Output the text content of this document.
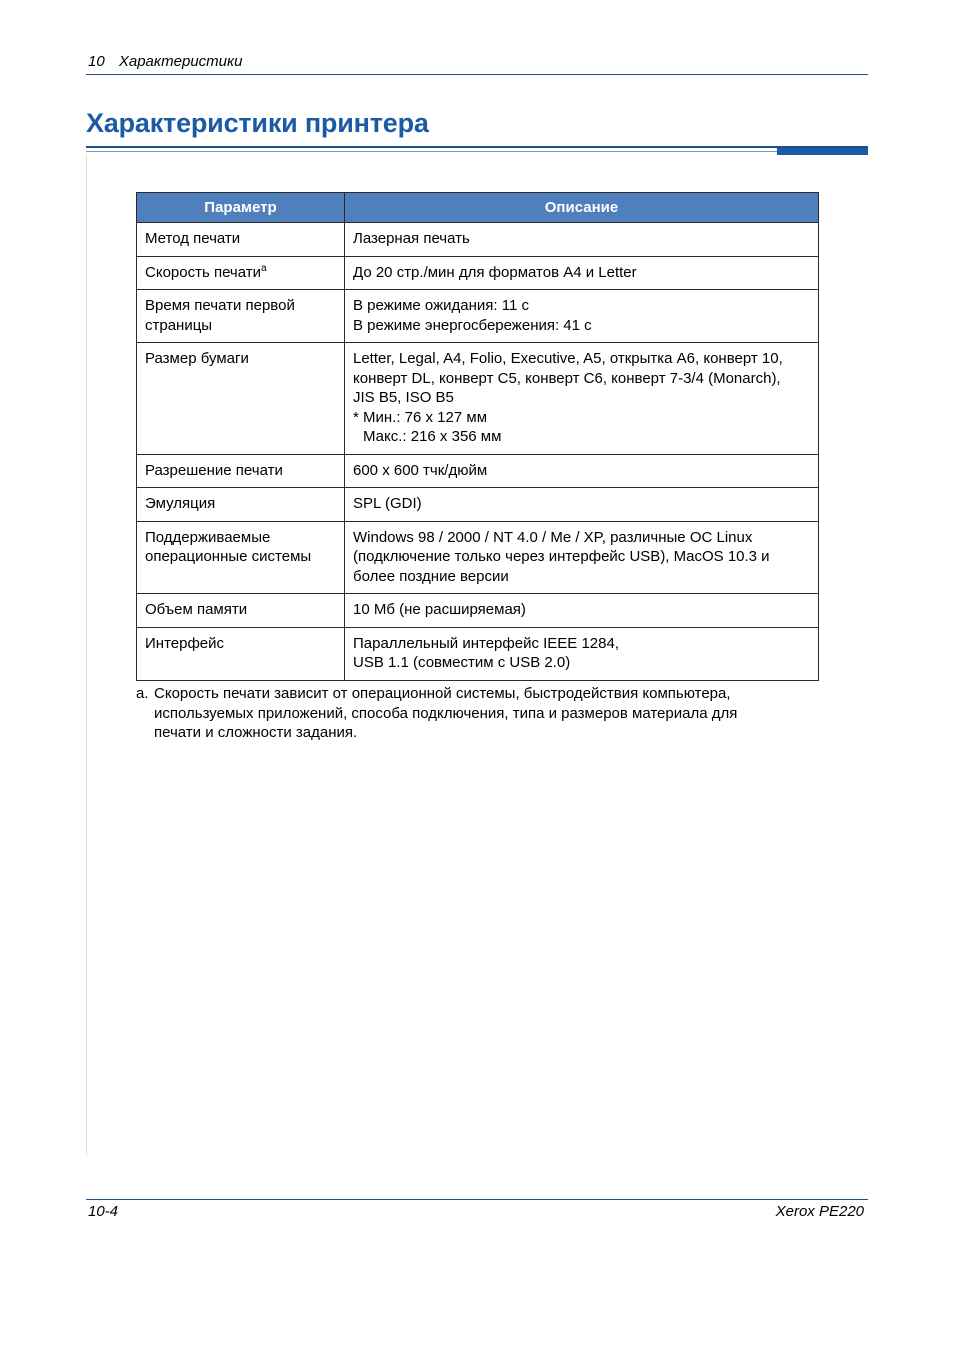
10 Характеристики
Характеристики принтера
Параметр	Описание

Метод печати	Лазерная печать

Скорость печати$^a$	До 20 стр./мин для форматов A4 и Letter

Время печати первой
страницы	В режиме ожидания: 11 с
В режиме энергосбережения: 41 с

Размер бумаги	Letter, Legal, A4, Folio, Executive, A5, открытка A6, конверт 10,
конверт DL, конверт C5, конверт C6, конверт 7-3/4 (Monarch),
JIS B5, ISO B5
* Мин.: 76 x 127 мм
Макс.: 216 x 356 мм

Разрешение печати	600 x 600 тчк/дюйм

Эмуляция	SPL (GDI)

Поддерживаемые
операционные системы	Windows 98 / 2000 / NT 4.0 / Me / XP, различные ОС Linux
(подключение только через интерфейс USB), MacOS 10.3 и
более поздние версии

Объем памяти	10 Мб (не расширяемая)

Интерфейс	Параллельный интерфейс IEEE 1284,
USB 1.1 (совместим с USB 2.0)
a. Скорость печати зависит от операционной системы, быстродействия компьютера,
используемых приложений, способа подключения, типа и размеров материала для
печати и сложности задания.
10-4	Xerox PE220
